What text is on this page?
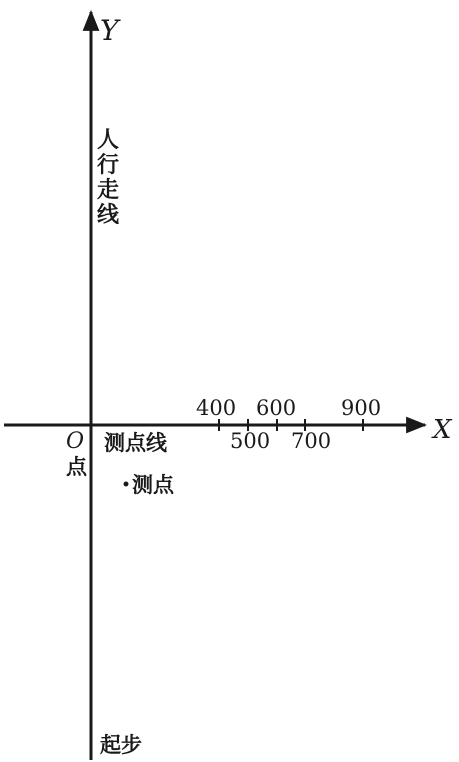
Y
X
人
行
走
线
400 600 900
500 700
O
点
测点线
测点
起步
